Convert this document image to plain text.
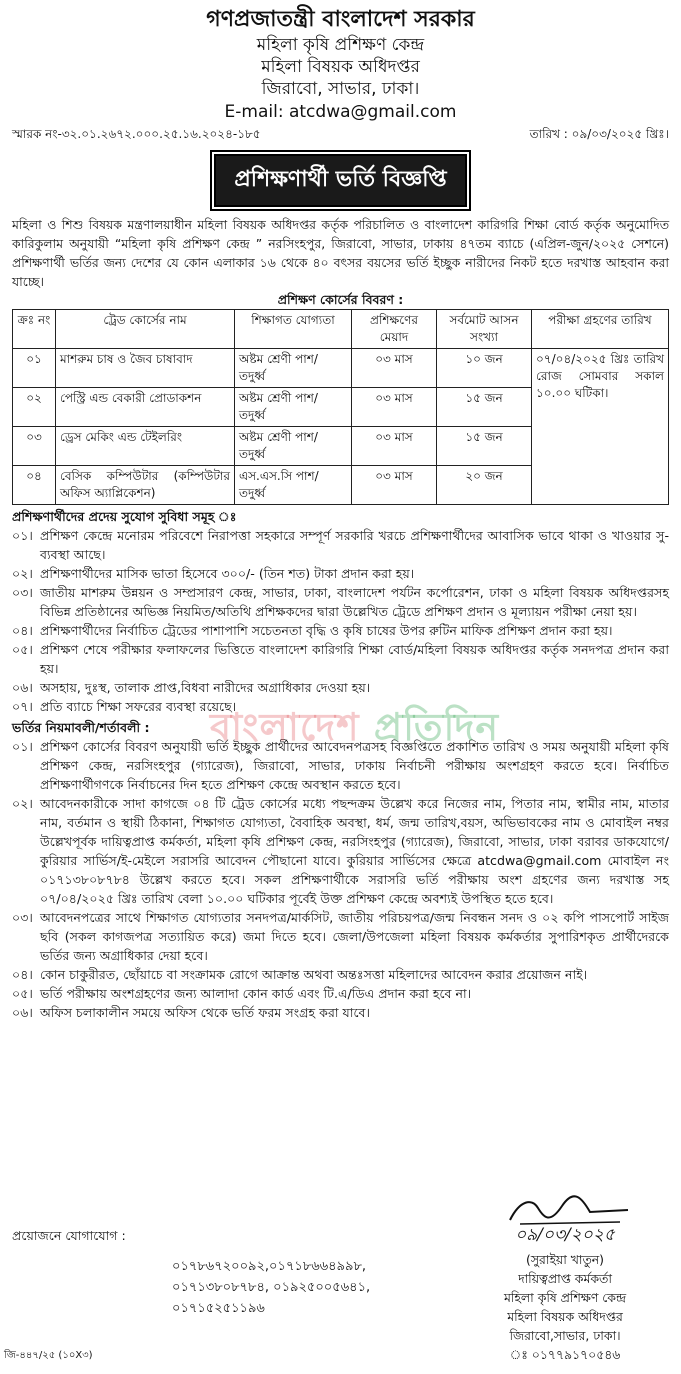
গণপ্রজাতন্ত্রী বাংলাদেশ সরকার
মহিলা কৃষি প্রশিক্ষণ কেন্দ্র
মহিলা বিষয়ক অধিদপ্তর
জিরাবো, সাভার, ঢাকা।
E-mail: atcdwa@gmail.com
স্মারক নং-৩২.০১.২৬৭২.০০০.২৫.১৬.২০২৪-১৮৫	তারিখ : ০৯/০৩/২০২৫ খ্রিঃ।
প্রশিক্ষণার্থী ভর্তি বিজ্ঞপ্তি
মহিলা ও শিশু বিষয়ক মন্ত্রণালয়াধীন মহিলা বিষয়ক অধিদপ্তর কর্তৃক পরিচালিত ও বাংলাদেশ কারিগরি শিক্ষা বোর্ড কর্তৃক অনুমোদিত কারিকুলাম অনুযায়ী “মহিলা কৃষি প্রশিক্ষণ কেন্দ্র ” নরসিংহপুর, জিরাবো, সাভার, ঢাকায় ৪৭তম ব্যাচে (এপ্রিল-জুন/২০২৫ সেশনে) প্রশিক্ষণার্থী ভর্তির জন্য দেশের যে কোন এলাকার ১৬ থেকে ৪০ বৎসর বয়সের ভর্তি ইচ্ছুক নারীদের নিকট হতে দরখাস্ত আহবান করা যাচ্ছে।
প্রশিক্ষণ কোর্সের বিবরণ :
ক্রঃ নং	ট্রেড কোর্সের নাম	শিক্ষাগত যোগ্যতা	প্রশিক্ষণের মেয়াদ	সর্বমোট আসন সংখ্যা	পরীক্ষা গ্রহণের তারিখ
০১	মাশরুম চাষ ও জৈব চাষাবাদ	অষ্টম শ্রেণী পাশ/ তদুর্ধ্ব	০৩ মাস	১০ জন	০৭/০৪/২০২৫ খ্রিঃ তারিখ রোজ সোমবার সকাল ১০.০০ ঘটিকা।
০২	পেস্ট্রি এন্ড বেকারী প্রোডাকশন	অষ্টম শ্রেণী পাশ/ তদুর্ধ্ব	০৩ মাস	১৫ জন	
০৩	ড্রেস মেকিং এন্ড টেইলরিং	অষ্টম শ্রেণী পাশ/ তদুর্ধ্ব	০৩ মাস	১৫ জন	
০৪	বেসিক কম্পিউটার (কম্পিউটার অফিস অ্যাপ্লিকেশন)	এস.এস.সি পাশ/ তদুর্ধ্ব	০৩ মাস	২০ জন	
প্রশিক্ষণার্থীদের প্রদেয় সুযোগ সুবিধা সমূহ ঃ
০১। প্রশিক্ষণ কেন্দ্রে মনোরম পরিবেশে নিরাপত্তা সহকারে সম্পূর্ণ সরকারি খরচে প্রশিক্ষণার্থীদের আবাসিক ভাবে থাকা ও খাওয়ার সু-ব্যবস্থা আছে।
০২। প্রশিক্ষণার্থীদের মাসিক ভাতা হিসেবে ৩০০/- (তিন শত) টাকা প্রদান করা হয়।
০৩। জাতীয় মাশরুম উন্নয়ন ও সম্প্রসারণ কেন্দ্র, সাভার, ঢাকা, বাংলাদেশ পর্যটন কর্পোরেশন, ঢাকা ও মহিলা বিষয়ক অধিদপ্তরসহ বিভিন্ন প্রতিষ্ঠানের অভিজ্ঞ নিয়মিত/অতিথি প্রশিক্ষকদের দ্বারা উল্লেখিত ট্রেডে প্রশিক্ষণ প্রদান ও মূল্যায়ন পরীক্ষা নেয়া হয়।
০৪। প্রশিক্ষণার্থীদের নির্বাচিত ট্রেডের পাশাপাশি সচেতনতা বৃদ্ধি ও কৃষি চাষের উপর রুটিন মাফিক প্রশিক্ষণ প্রদান করা হয়।
০৫। প্রশিক্ষণ শেষে পরীক্ষার ফলাফলের ভিত্তিতে বাংলাদেশ কারিগরি শিক্ষা বোর্ড/মহিলা বিষয়ক অধিদপ্তর কর্তৃক সনদপত্র প্রদান করা হয়।
০৬। অসহায়, দুঃস্থ, তালাক প্রাপ্ত,বিধবা নারীদের অগ্রাধিকার দেওয়া হয়।
০৭। প্রতি ব্যাচে শিক্ষা সফরের ব্যবস্থা রয়েছে।
ভর্তির নিয়মাবলী/শর্তাবলী :
০১। প্রশিক্ষণ কোর্সের বিবরণ অনুযায়ী ভর্তি ইচ্ছুক প্রার্থীদের আবেদনপত্রসহ বিজ্ঞপ্তিতে প্রকাশিত তারিখ ও সময় অনুযায়ী মহিলা কৃষি প্রশিক্ষণ কেন্দ্র, নরসিংহপুর (গ্যারেজ), জিরাবো, সাভার, ঢাকায় নির্বাচনী পরীক্ষায় অংশগ্রহণ করতে হবে। নির্বাচিত প্রশিক্ষণার্থীগণকে নির্বাচনের দিন হতে প্রশিক্ষণ কেন্দ্রে অবস্থান করতে হবে।
০২। আবেদনকারীকে সাদা কাগজে ০৪ টি ট্রেড কোর্সের মধ্যে পছন্দক্রম উল্লেখ করে নিজের নাম, পিতার নাম, স্বামীর নাম, মাতার নাম, বর্তমান ও স্থায়ী ঠিকানা, শিক্ষাগত যোগ্যতা, বৈবাহিক অবস্থা, ধর্ম, জন্ম তারিখ,বয়স, অভিভাবকের নাম ও মোবাইল নম্বর উল্লেখপূর্বক দায়িত্বপ্রাপ্ত কর্মকর্তা, মহিলা কৃষি প্রশিক্ষণ কেন্দ্র, নরসিংহপুর (গ্যারেজ), জিরাবো, সাভার, ঢাকা বরাবর ডাকযোগে/কুরিয়ার সার্ভিস/ই-মেইলে সরাসরি আবেদন পৌছানো যাবে। কুরিয়ার সার্ভিসের ক্ষেত্রে atcdwa@gmail.com মোবাইল নং ০১৭১৩৮০৮৭৮৪ উল্লেখ করতে হবে। সকল প্রশিক্ষণার্থীকে সরাসরি ভর্তি পরীক্ষায় অংশ গ্রহণের জন্য দরখাস্ত সহ ০৭/০৪/২০২৫ খ্রিঃ তারিখ বেলা ১০.০০ ঘটিকার পূর্বেই উক্ত প্রশিক্ষণ কেন্দ্রে অবশ্যই উপস্থিত হতে হবে।
০৩। আবেদনপত্রের সাথে শিক্ষাগত যোগ্যতার সনদপত্র/মার্কসিট, জাতীয় পরিচয়পত্র/জন্ম নিবন্ধন সনদ ও ০২ কপি পাসপোর্ট সাইজ ছবি (সকল কাগজপত্র সত্যায়িত করে) জমা দিতে হবে। জেলা/উপজেলা মহিলা বিষয়ক কর্মকর্তার সুপারিশকৃত প্রার্থীদেরকে ভর্তির জন্য অগ্রাধিকার দেয়া হবে।
০৪। কোন চাকুরীরত, ছোঁয়াচে বা সংক্রামক রোগে আক্রান্ত অথবা অন্তঃসত্তা মহিলাদের আবেদন করার প্রয়োজন নাই।
০৫। ভর্তি পরীক্ষায় অংশগ্রহণের জন্য আলাদা কোন কার্ড এবং টি.এ/ডিএ প্রদান করা হবে না।
০৬। অফিস চলাকালীন সময়ে অফিস থেকে ভর্তি ফরম সংগ্রহ করা যাবে।
বাংলাদেশ প্রতিদিন
প্রয়োজনে যোগাযোগ :
০১৭৮৬৭২০০৯২,০১৭১৮৬৬৪৯৯৮,
০১৭১৩৮০৮৭৮৪, ০১৯২৫০০৫৬৪১,
০১৭১৫২৫১১৯৬
০৯/০৩/২০২৫
(সুরাইয়া খাতুন)
দায়িত্বপ্রাপ্ত কর্মকর্তা
মহিলা কৃষি প্রশিক্ষণ কেন্দ্র
মহিলা বিষয়ক অধিদপ্তর
জিরাবো,সাভার, ঢাকা।
ঃ ০১৭৭৯১৭০৫৪৬
জি-৪৪৭/২৫ (১০X৩)
